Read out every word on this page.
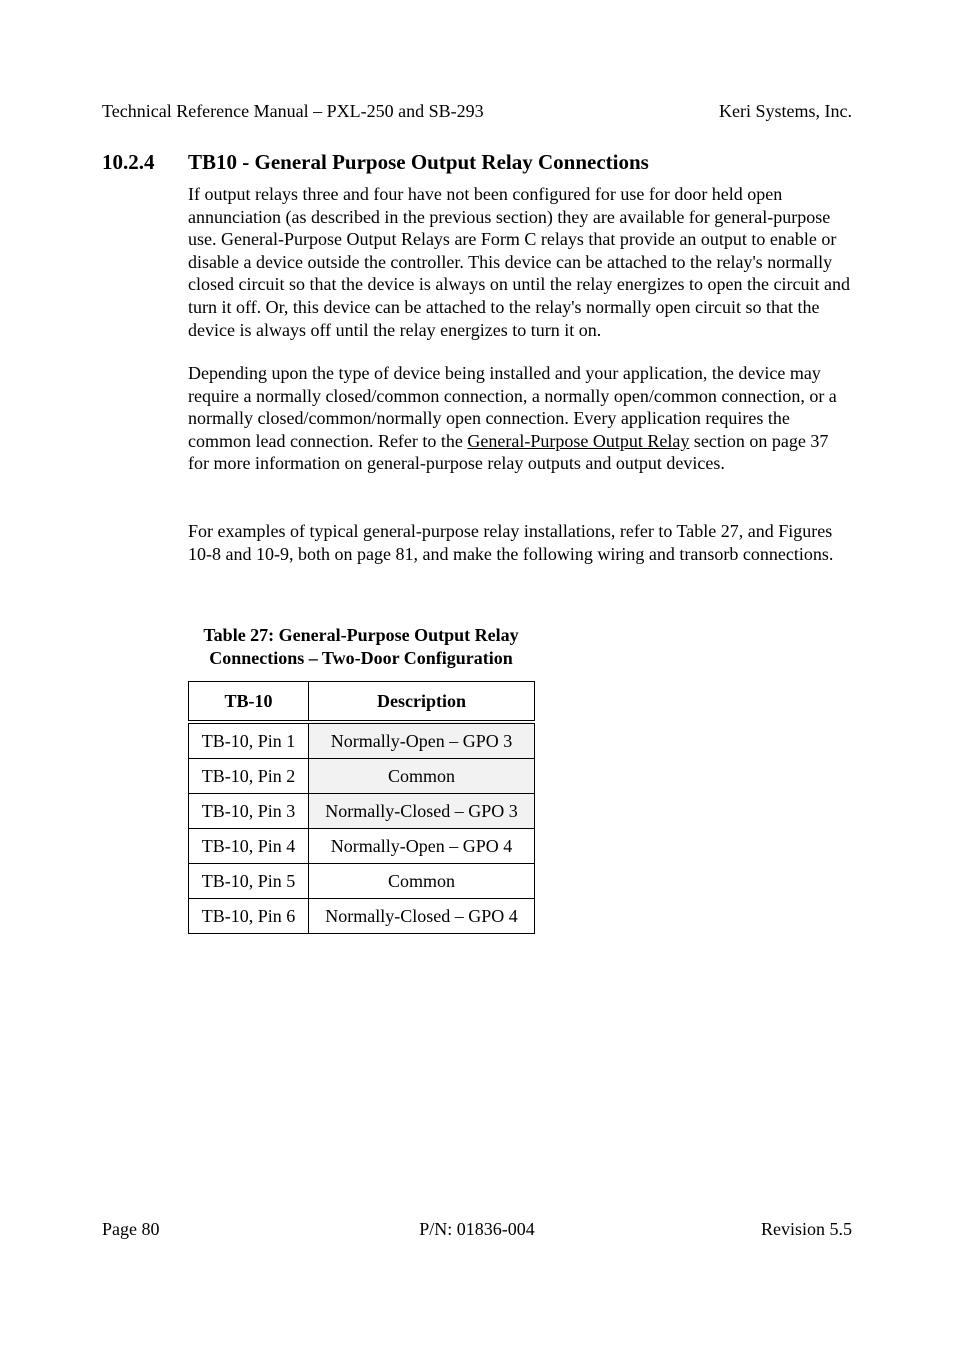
Technical Reference Manual – PXL-250 and SB-293	Keri Systems, Inc.
10.2.4 TB10 - General Purpose Output Relay Connections

If output relays three and four have not been configured for use for door held open annunciation (as described in the previous section) they are available for general-purpose use. General-Purpose Output Relays are Form C relays that provide an output to enable or disable a device outside the controller. This device can be attached to the relay's normally closed circuit so that the device is always on until the relay energizes to open the circuit and turn it off. Or, this device can be attached to the relay's normally open circuit so that the device is always off until the relay energizes to turn it on.

Depending upon the type of device being installed and your application, the device may require a normally closed/common connection, a normally open/common connection, or a normally closed/common/normally open connection. Every application requires the common lead connection. Refer to the General-Purpose Output Relay section on page 37 for more information on general-purpose relay outputs and output devices.

For examples of typical general-purpose relay installations, refer to Table 27, and Figures 10-8 and 10-9, both on page 81, and make the following wiring and transorb connections.

Table 27: General-Purpose Output Relay
Connections – Two-Door Configuration
TB-10	Description
TB-10, Pin 1	Normally-Open – GPO 3
TB-10, Pin 2	Common
TB-10, Pin 3	Normally-Closed – GPO 3
TB-10, Pin 4	Normally-Open – GPO 4
TB-10, Pin 5	Common
TB-10, Pin 6	Normally-Closed – GPO 4
Page 80	P/N: 01836-004	Revision 5.5
